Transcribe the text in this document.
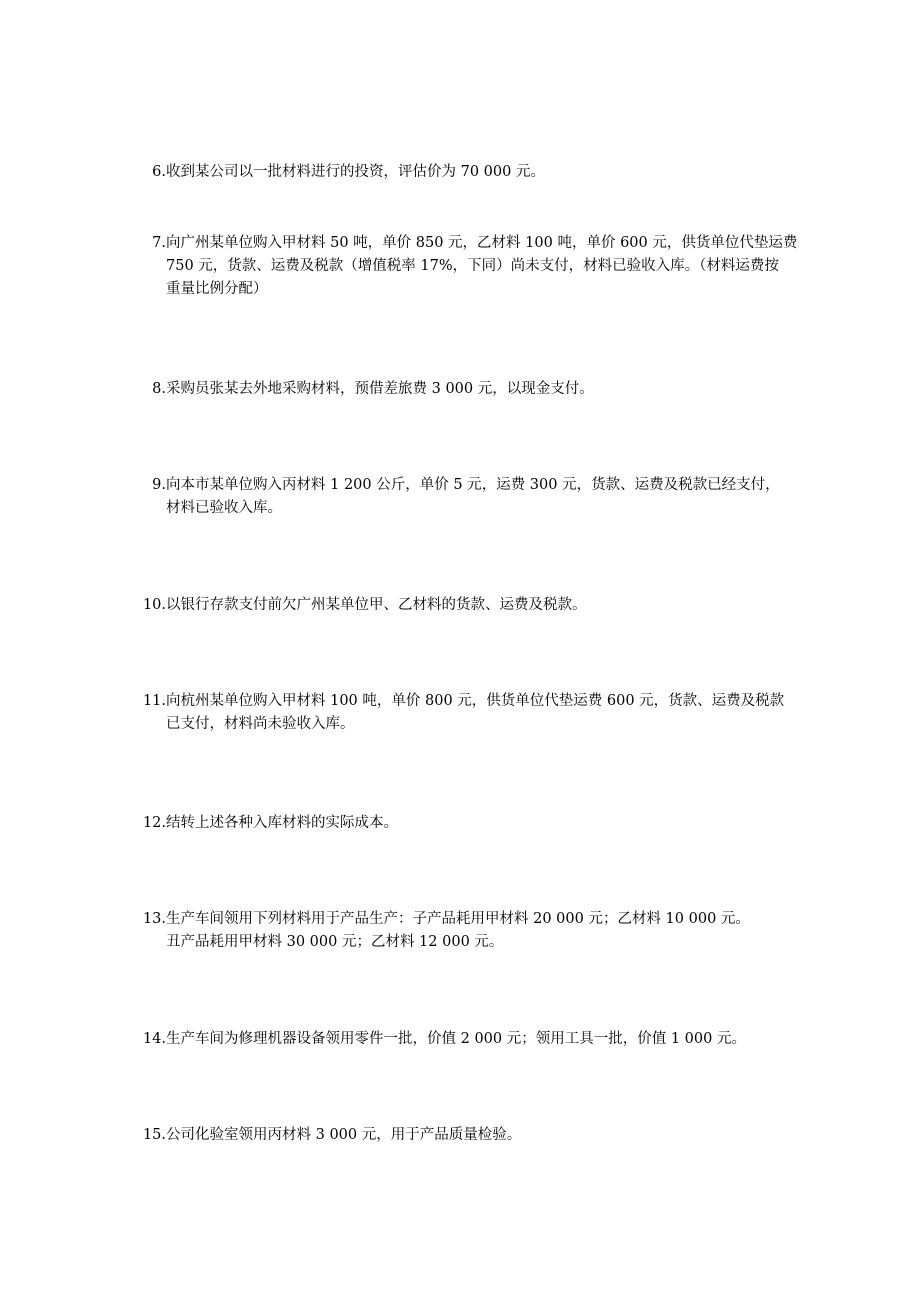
6.收到某公司以一批材料进行的投资，评估价为 70 000 元。
7.向广州某单位购入甲材料 50 吨，单价 850 元，乙材料 100 吨，单价 600 元，供货单位代垫运费
750 元，货款、运费及税款（增值税率 17%，下同）尚未支付，材料已验收入库。（材料运费按
重量比例分配）
8.采购员张某去外地采购材料，预借差旅费 3 000 元，以现金支付。
9.向本市某单位购入丙材料 1 200 公斤，单价 5 元，运费 300 元，货款、运费及税款已经支付，
材料已验收入库。
10.以银行存款支付前欠广州某单位甲、乙材料的货款、运费及税款。
11.向杭州某单位购入甲材料 100 吨，单价 800 元，供货单位代垫运费 600 元，货款、运费及税款
已支付，材料尚未验收入库。
12.结转上述各种入库材料的实际成本。
13.生产车间领用下列材料用于产品生产：子产品耗用甲材料 20 000 元；乙材料 10 000 元。
丑产品耗用甲材料 30 000 元；乙材料 12 000 元。
14.生产车间为修理机器设备领用零件一批，价值 2 000 元；领用工具一批，价值 1 000 元。
15.公司化验室领用丙材料 3 000 元，用于产品质量检验。
